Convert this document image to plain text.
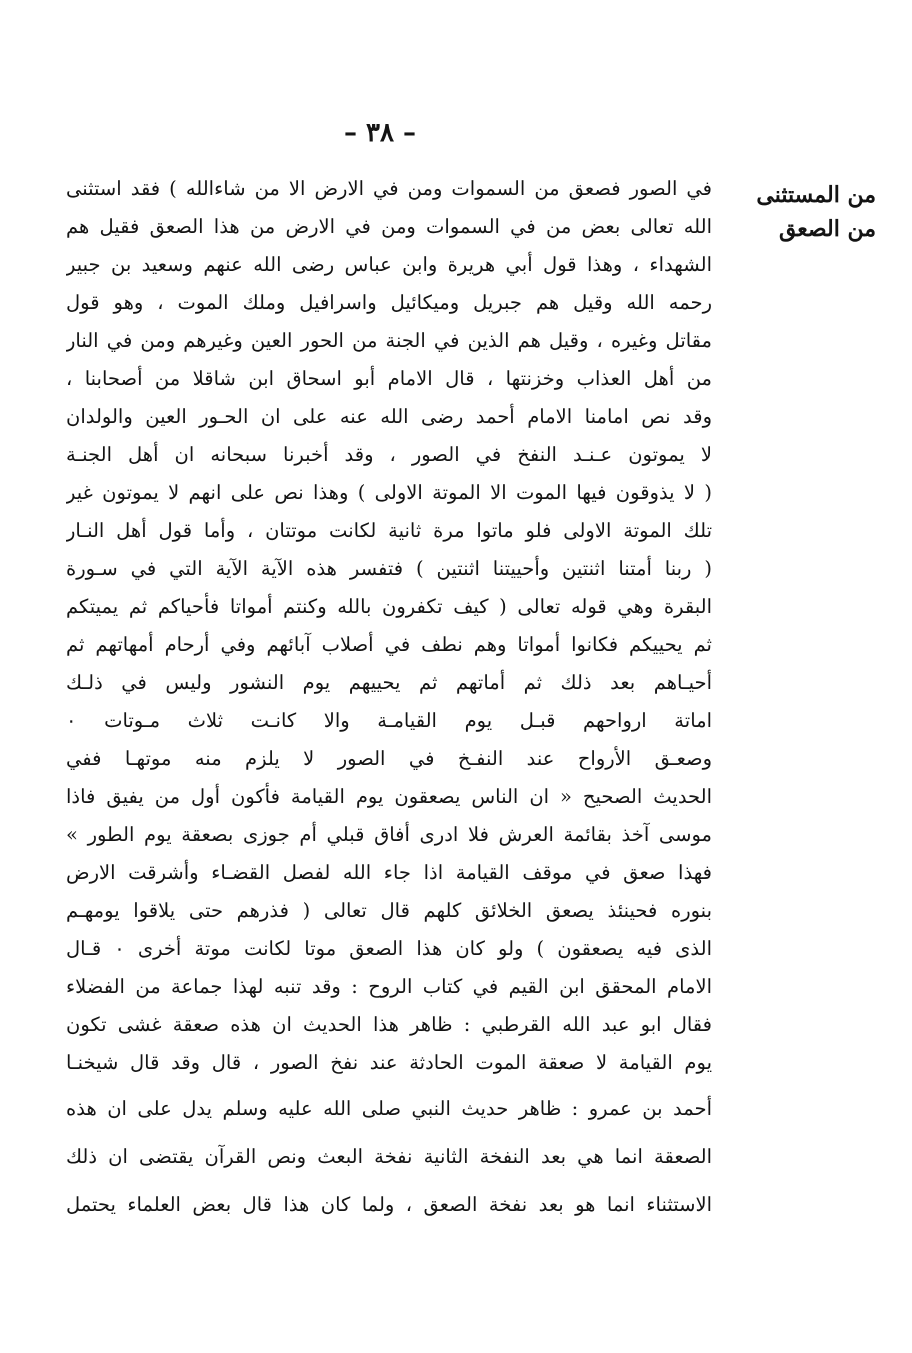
– ٣٨ –
من المستثنى من الصعق
في الصور فصعق من السموات ومن في الارض الا من شاءالله ) فقد استثنى
الله تعالى بعض من في السموات ومن في الارض من هذا الصعق فقيل هم
الشهداء ، وهذا قول أبي هريرة وابن عباس رضى الله عنهم وسعيد بن جبير
رحمه الله وقيل هم جبريل وميكائيل واسرافيل وملك الموت ، وهو قول
مقاتل وغيره ، وقيل هم الذين في الجنة من الحور العين وغيرهم ومن في النار
من أهل العذاب وخزنتها ، قال الامام أبو اسحاق ابن شاقلا من أصحابنا ،
وقد نص امامنا الامام أحمد رضى الله عنه على ان الحـور العين والولدان
لا يموتون عـنـد النفخ في الصور ، وقد أخبرنا سبحانه ان أهل الجنـة
( لا يذوقون فيها الموت الا الموتة الاولى ) وهذا نص على انهم لا يموتون غير
تلك الموتة الاولى فلو ماتوا مرة ثانية لكانت موتتان ، وأما قول أهل النـار
( ربنا أمتنا اثنتين وأحييتنا اثنتين ) فتفسر هذه الآية الآية التي في سـورة
البقرة وهي قوله تعالى ( كيف تكفرون بالله وكنتم أمواتا فأحياكم ثم يميتكم
ثم يحييكم فكانوا أمواتا وهم نطف في أصلاب آبائهم وفي أرحام أمهاتهم ثم
أحيـاهم بعد ذلك ثم أماتهم ثم يحييهم يوم النشور وليس في ذلـك
اماتة ارواحهم قبـل يوم القيامـة والا كانـت ثلاث مـوتات ٠
وصعـق الأرواح عند النفـخ في الصور لا يلزم منه موتهـا ففي
الحديث الصحيح « ان الناس يصعقون يوم القيامة فأكون أول من يفيق فاذا
موسى آخذ بقائمة العرش فلا ادرى أفاق قبلي أم جوزى بصعقة يوم الطور »
فهذا صعق في موقف القيامة اذا جاء الله لفصل القضـاء وأشرقت الارض
بنوره فحينئذ يصعق الخلائق كلهم قال تعالى ( فذرهم حتى يلاقوا يومهـم
الذى فيه يصعقون ) ولو كان هذا الصعق موتا لكانت موتة أخرى ٠ قـال
الامام المحقق ابن القيم في كتاب الروح : وقد تنبه لهذا جماعة من الفضلاء
فقال ابو عبد الله القرطبي : ظاهر هذا الحديث ان هذه صعقة غشى تكون
يوم القيامة لا صعقة الموت الحادثة عند نفخ الصور ، قال وقد قال شيخنـا
أحمد بن عمرو : ظاهر حديث النبي صلى الله عليه وسلم يدل على ان هذه
الصعقة انما هي بعد النفخة الثانية نفخة البعث ونص القرآن يقتضى ان ذلك
الاستثناء انما هو بعد نفخة الصعق ، ولما كان هذا قال بعض العلماء يحتمل
